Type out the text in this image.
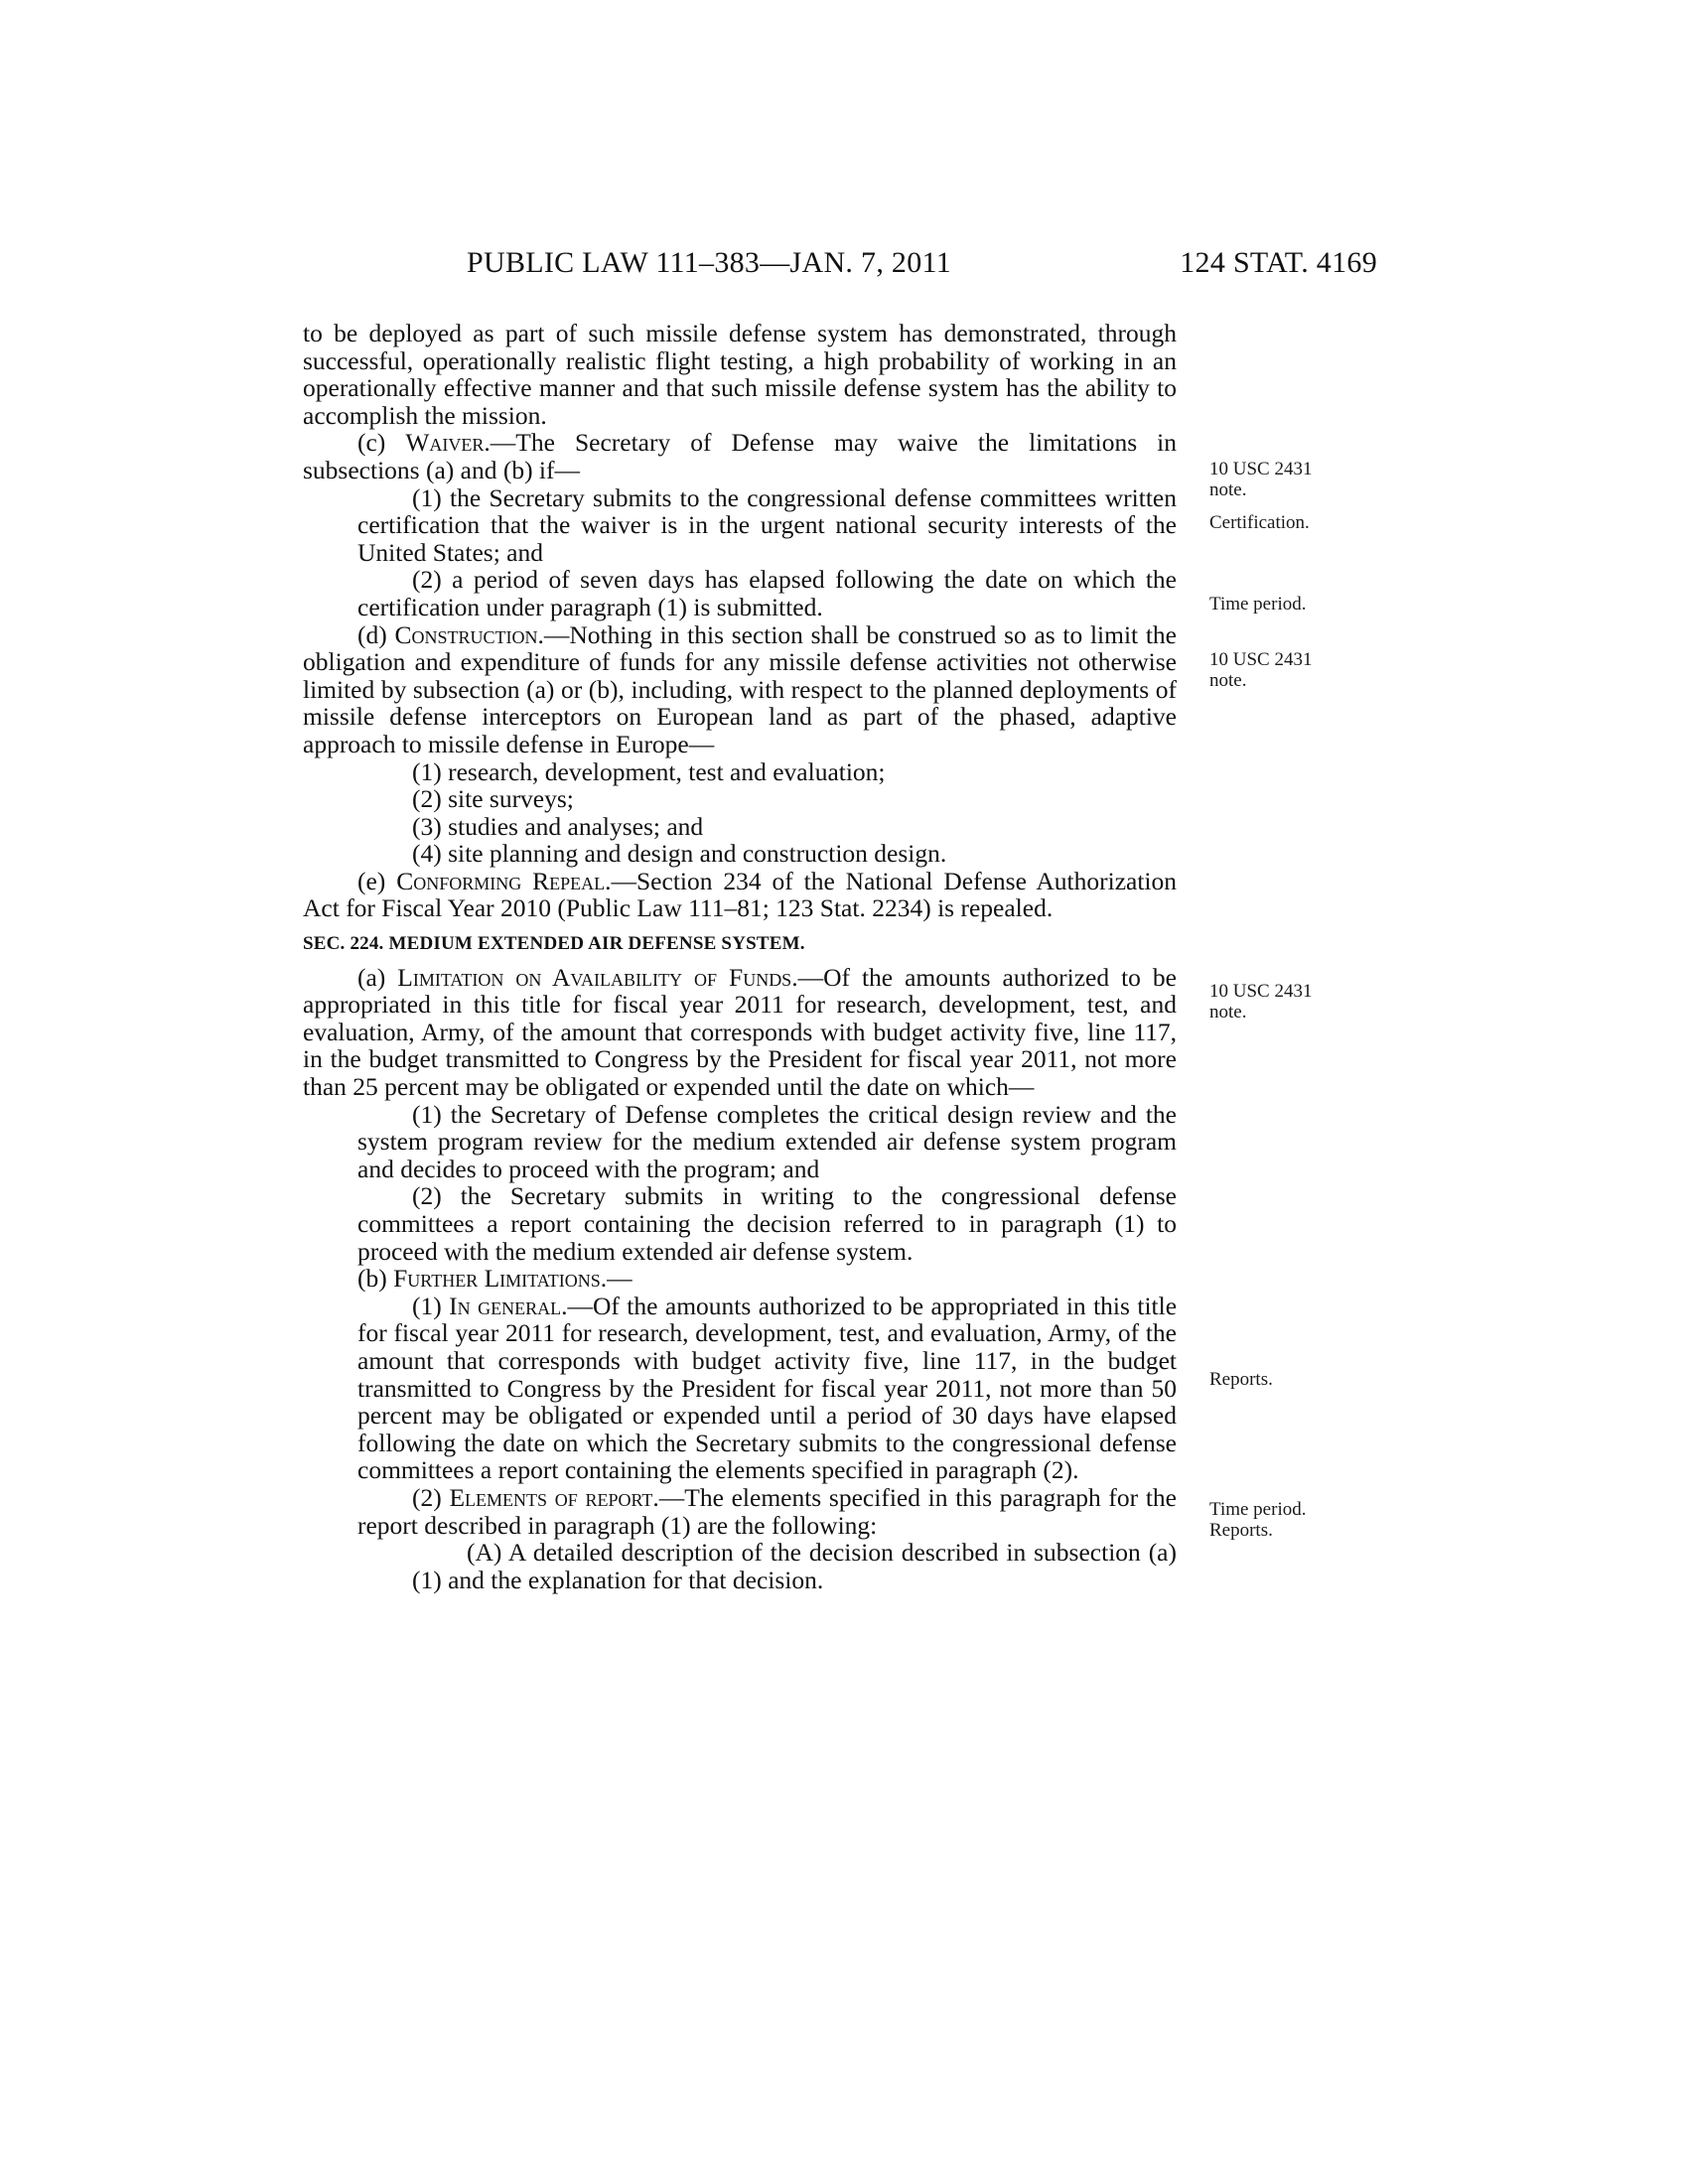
PUBLIC LAW 111–383—JAN. 7, 2011	124 STAT. 4169

to be deployed as part of such missile defense system has demonstrated, through successful, operationally realistic flight testing, a high probability of working in an operationally effective manner and that such missile defense system has the ability to accomplish the mission.

(c) Waiver.—The Secretary of Defense may waive the limitations in subsections (a) and (b) if—

(1) the Secretary submits to the congressional defense committees written certification that the waiver is in the urgent national security interests of the United States; and

(2) a period of seven days has elapsed following the date on which the certification under paragraph (1) is submitted.

(d) Construction.—Nothing in this section shall be construed so as to limit the obligation and expenditure of funds for any missile defense activities not otherwise limited by subsection (a) or (b), including, with respect to the planned deployments of missile defense interceptors on European land as part of the phased, adaptive approach to missile defense in Europe—

(1) research, development, test and evaluation;

(2) site surveys;

(3) studies and analyses; and

(4) site planning and design and construction design.

(e) Conforming Repeal.—Section 234 of the National Defense Authorization Act for Fiscal Year 2010 (Public Law 111–81; 123 Stat. 2234) is repealed.

SEC. 224. MEDIUM EXTENDED AIR DEFENSE SYSTEM.

(a) Limitation on Availability of Funds.—Of the amounts authorized to be appropriated in this title for fiscal year 2011 for research, development, test, and evaluation, Army, of the amount that corresponds with budget activity five, line 117, in the budget transmitted to Congress by the President for fiscal year 2011, not more than 25 percent may be obligated or expended until the date on which—

(1) the Secretary of Defense completes the critical design review and the system program review for the medium extended air defense system program and decides to proceed with the program; and

(2) the Secretary submits in writing to the congressional defense committees a report containing the decision referred to in paragraph (1) to proceed with the medium extended air defense system.

(b) Further Limitations.—

(1) In general.—Of the amounts authorized to be appropriated in this title for fiscal year 2011 for research, development, test, and evaluation, Army, of the amount that corresponds with budget activity five, line 117, in the budget transmitted to Congress by the President for fiscal year 2011, not more than 50 percent may be obligated or expended until a period of 30 days have elapsed following the date on which the Secretary submits to the congressional defense committees a report containing the elements specified in paragraph (2).

(2) Elements of report.—The elements specified in this paragraph for the report described in paragraph (1) are the following:

(A) A detailed description of the decision described in subsection (a)(1) and the explanation for that decision.

10 USC 2431
note.
Certification.
Time period.
10 USC 2431
note.
10 USC 2431
note.
Reports.
Time period.
Reports.
